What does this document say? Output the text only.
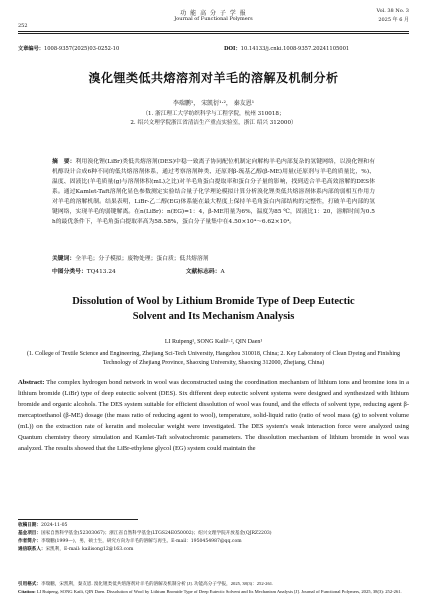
252
功 能 高 分 子 学 报
Journal of Functional Polymers
Vol. 38 No. 3
2025 年 6 月
文章编号：1008-9357(2025)03-0252-10	DOI：10.14133/j.cnki.1008-9357.20241105001
溴化锂类低共熔溶剂对羊毛的溶解及机制分析
李瑞鹏¹， 宋凯衍¹·²， 秦友恩¹
（1. 浙江理工大学纺织科学与工程学院，杭州 310018；
2. 绍兴文理学院浙江省清洁生产重点实验室，浙江 绍兴 312000）
摘　要：利用溴化锂(LiBr)类低共熔溶剂(DES)中稳一致离子协同配位机制定向解构羊毛内部复杂的氢键网络，以溴化锂和有机醇设计合成6种不同的低共熔溶剂体系，通过考察溶剂种类、还原剂β-巯基乙醇(β-ME)用量(还原剂与羊毛的质量比，%)、温度、固液比(羊毛质量(g)与溶剂体积(mL)之比)对羊毛角蛋白提取率和蛋白分子量的影响，找到适合羊毛高效溶解的DES体系。通过Kamlet-Taft溶剂化显色参数测定实验结合量子化学理论模拟计算分析溴化锂类低共熔溶剂体系内部的弱相互作用力对羊毛的溶解机制。结果表明，LiBr-乙二醇(EG)体系能在最大程度上保持羊毛角蛋白内部结构的完整性，打破羊毛内部的氢键网络，实现羊毛的弱键解离。在n(LiBr)：n(EG)=1：4，β-ME用量为6%，温度为85 ℃，固液比1：20，溶解时间为0.5 h的最优条件下，羊毛角蛋白提取率高为58.58%，蛋白分子量集中在4.50×10⁴～6.62×10⁴。
关键词：全羊毛；分子模拟；废物处理；蛋白质；低共熔溶剂
中图分类号：TQ413.24	文献标志码：A
Dissolution of Wool by Lithium Bromide Type of Deep Eutectic
Solvent and Its Mechanism Analysis
LI Ruipeng¹, SONG Kaili¹·², QIN Daen¹
(1. College of Textile Science and Engineering, Zhejiang Sci-Tech University, Hangzhou 310018, China; 2. Key Laboratory of Clean Dyeing and Finishing Technology of Zhejiang Province, Shaoxing University, Shaoxing 312000, Zhejiang, China)
Abstract: The complex hydrogen bond network in wool was deconstructed using the coordination mechanism of lithium ions and bromine ions in a lithium bromide (LiBr) type of deep eutectic solvent (DES). Six different deep eutectic solvent systems were designed and synthesized with lithium bromide and organic alcohols. The DES system suitable for efficient dissolution of wool was found, and the effects of solvent type, reducing agent β-mercaptoethanol (β-ME) dosage (the mass ratio of reducing agent to wool), temperature, solid-liquid ratio (ratio of wool mass (g) to solvent volume (mL)) on the extraction rate of keratin and molecular weight were investigated. The DES system's weak interaction force were analyzed using Quantum chemistry theory simulation and Kamlet-Taft solvatochromic parameters. The dissolution mechanism of lithium bromide in wool was analyzed. The results showed that the LiBr-ethylene glycol (EG) system could maintain the
收稿日期：2024-11-05
基金项目：国家自然科学基金(52303067)；浙江省自然科学基金(LTGS24E050002)；绍兴文理学院开放基金(QJRZ2203)
作者简介：李瑞鹏(1999—)，男，硕士生，研究方向为羊毛的溶解与再生。E-mail：1950454987@qq.com
通信联系人：宋凯利，E-mail: kailisong12@163.com
引用格式：李瑞鹏，宋凯利，秦友恩. 溴化锂类低共熔溶剂对羊毛的溶解及机制分析 [J]. 功能高分子学报，2025, 38(3)：252-261.
Citation: LI Ruipeng, SONG Kaili, QIN Daen. Dissolution of Wool by Lithium Bromide Type of Deep Eutectic Solvent and Its Mechanism Analysis [J]. Journal of Functional Polymers, 2025, 38(3): 252-261.
